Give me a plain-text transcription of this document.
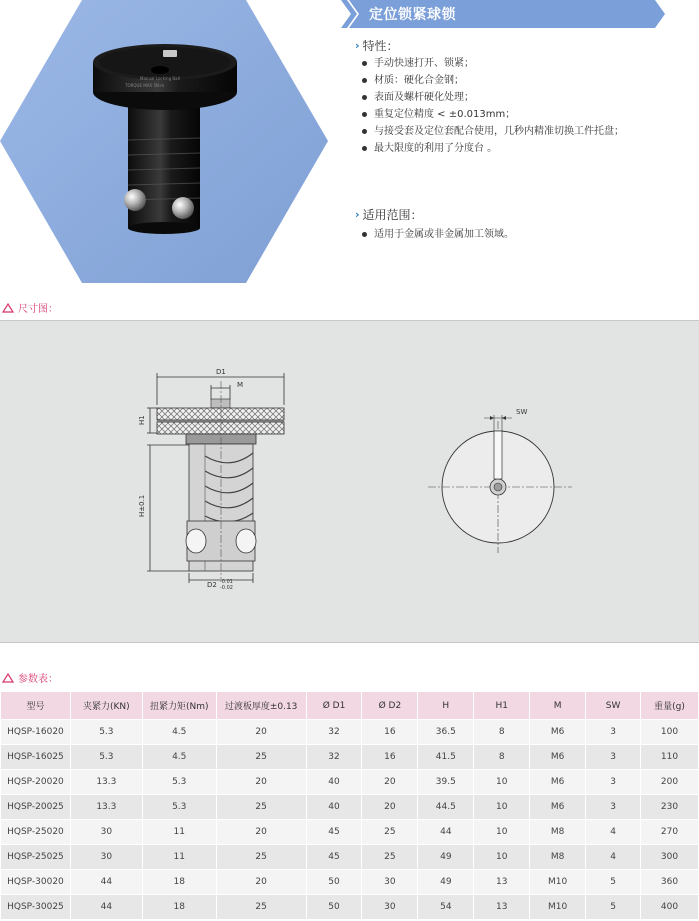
Manual Locking Ball
TORQUE MAX 5N·m
定位锁紧球锁
› 特性：
手动快速打开、锁紧；
材质：硬化合金钢；
表面及螺杆硬化处理；
重复定位精度 < ±0.013mm；
与接受套及定位套配合使用，几秒内精准切换工件托盘；
最大限度的利用了分度台 。
› 适用范围：
适用于金属或非金属加工领域。
尺寸图：
D1
M
H1
H±0.1
D2 -0.01
-0.02
SW
参数表：
型号	夹紧力(KN)	扭紧力矩(Nm)	过渡板厚度±0.13	Ø D1	Ø D2	H	H1	M	SW	重量(g)
HQSP-16020	5.3	4.5	20	32	16	36.5	8	M6	3	100
HQSP-16025	5.3	4.5	25	32	16	41.5	8	M6	3	110
HQSP-20020	13.3	5.3	20	40	20	39.5	10	M6	3	200
HQSP-20025	13.3	5.3	25	40	20	44.5	10	M6	3	230
HQSP-25020	30	11	20	45	25	44	10	M8	4	270
HQSP-25025	30	11	25	45	25	49	10	M8	4	300
HQSP-30020	44	18	20	50	30	49	13	M10	5	360
HQSP-30025	44	18	25	50	30	54	13	M10	5	400
